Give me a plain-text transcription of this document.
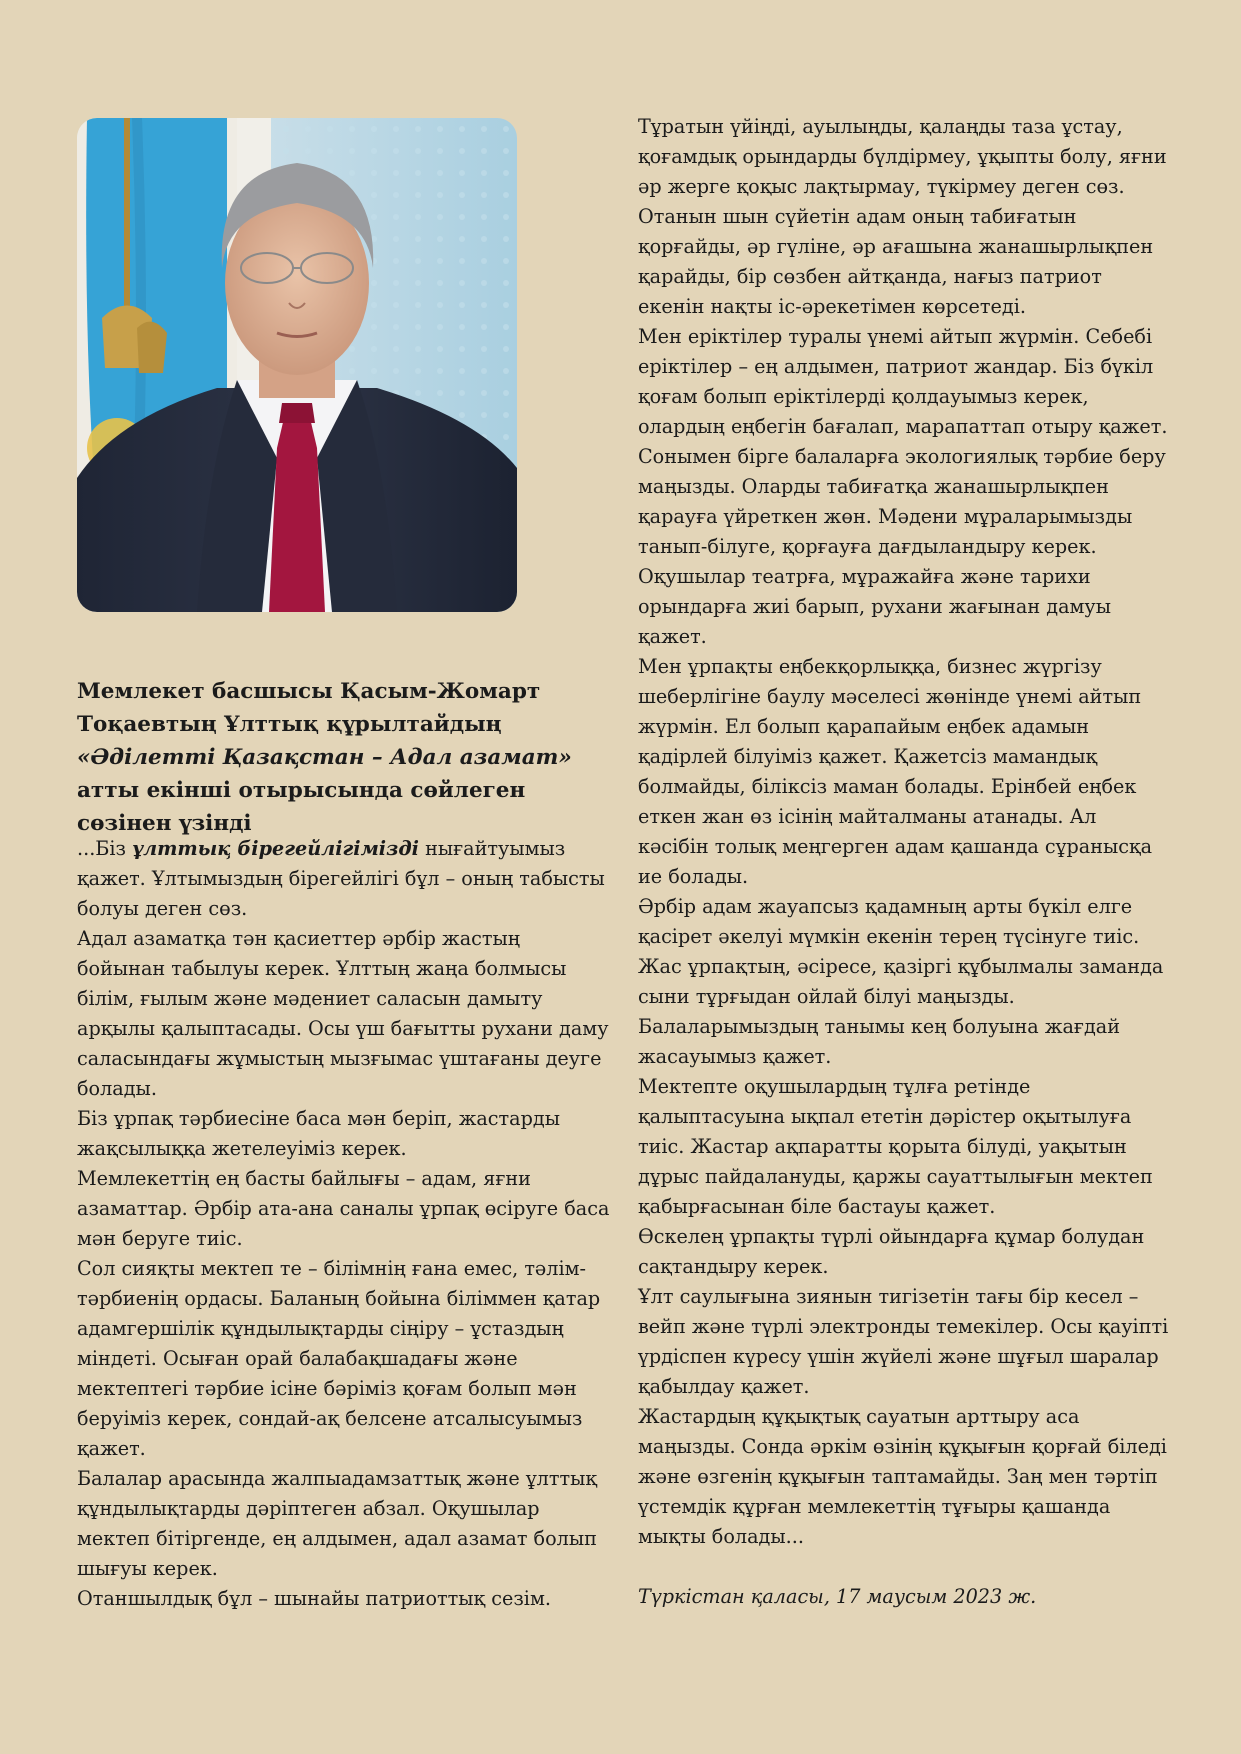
Мемлекет басшысы Қасым-Жомарт Тоқаевтың Ұлттық құрылтайдың «Әділетті Қазақстан – Адал азамат» атты екінші отырысында сөйлеген сөзінен үзінді

...Біз ұлттық бірегейлігімізді нығайтуымыз қажет. Ұлтымыздың бірегейлігі бұл – оның табысты болуы деген сөз.

Адал азаматқа тән қасиеттер әрбір жастың бойынан табылуы керек. Ұлттың жаңа болмысы білім, ғылым және мәдениет саласын дамыту арқылы қалыптасады. Осы үш бағытты рухани даму саласындағы жұмыстың мызғымас үштағаны деуге болады.

Біз ұрпақ тәрбиесіне баса мән беріп, жастарды жақсылыққа жетелеуіміз керек.

Мемлекеттің ең басты байлығы – адам, яғни азаматтар. Әрбір ата-ана саналы ұрпақ өсіруге баса мән беруге тиіс.

Сол сияқты мектеп те – білімнің ғана емес, тәлім-тәрбиенің ордасы. Баланың бойына біліммен қатар адамгершілік құндылықтарды сіңіру – ұстаздың міндеті. Осыған орай балабақшадағы және мектептегі тәрбие ісіне бәріміз қоғам болып мән беруіміз керек, сондай-ақ белсене атсалысуымыз қажет.

Балалар арасында жалпыадамзаттық және ұлттық құндылықтарды дәріптеген абзал. Оқушылар мектеп бітіргенде, ең алдымен, адал азамат болып шығуы керек.

Отаншылдық бұл – шынайы патриоттық сезім.

Тұратын үйіңді, ауылыңды, қалаңды таза ұстау, қоғамдық орындарды бүлдірмеу, ұқыпты болу, яғни әр жерге қоқыс лақтырмау, түкірмеу деген сөз. Отанын шын сүйетін адам оның табиғатын қорғайды, әр гүліне, әр ағашына жанашырлықпен қарайды, бір сөзбен айтқанда, нағыз патриот екенін нақты іс-әрекетімен көрсетеді.

Мен еріктілер туралы үнемі айтып жүрмін. Себебі еріктілер – ең алдымен, патриот жандар. Біз бүкіл қоғам болып еріктілерді қолдауымыз керек, олардың еңбегін бағалап, марапаттап отыру қажет.

Сонымен бірге балаларға экологиялық тәрбие беру маңызды. Оларды табиғатқа жанашырлықпен қарауға үйреткен жөн. Мәдени мұраларымызды танып-білуге, қорғауға дағдыландыру керек.

Оқушылар театрға, мұражайға және тарихи орындарға жиі барып, рухани жағынан дамуы қажет.

Мен ұрпақты еңбекқорлыққа, бизнес жүргізу шеберлігіне баулу мәселесі жөнінде үнемі айтып жүрмін. Ел болып қарапайым еңбек адамын қадірлей білуіміз қажет. Қажетсіз мамандық болмайды, біліксіз маман болады. Ерінбей еңбек еткен жан өз ісінің майталманы атанады. Ал кәсібін толық меңгерген адам қашанда сұранысқа ие болады.

Әрбір адам жауапсыз қадамның арты бүкіл елге қасірет әкелуі мүмкін екенін терең түсінуге тиіс.

Жас ұрпақтың, әсіресе, қазіргі құбылмалы заманда сыни тұрғыдан ойлай білуі маңызды.

Балаларымыздың танымы кең болуына жағдай жасауымыз қажет.

Мектепте оқушылардың тұлға ретінде қалыптасуына ықпал ететін дәрістер оқытылуға тиіс. Жастар ақпаратты қорыта білуді, уақытын дұрыс пайдалануды, қаржы сауаттылығын мектеп қабырғасынан біле бастауы қажет.

Өскелең ұрпақты түрлі ойындарға құмар болудан сақтандыру керек.

Ұлт саулығына зиянын тигізетін тағы бір кесел – вейп және түрлі электронды темекілер. Осы қауіпті үрдіспен күресу үшін жүйелі және шұғыл шаралар қабылдау қажет.

Жастардың құқықтық сауатын арттыру аса маңызды. Сонда әркім өзінің құқығын қорғай біледі және өзгенің құқығын таптамайды. Заң мен тәртіп үстемдік құрған мемлекеттің тұғыры қашанда мықты болады...

Түркістан қаласы, 17 маусым 2023 ж.
